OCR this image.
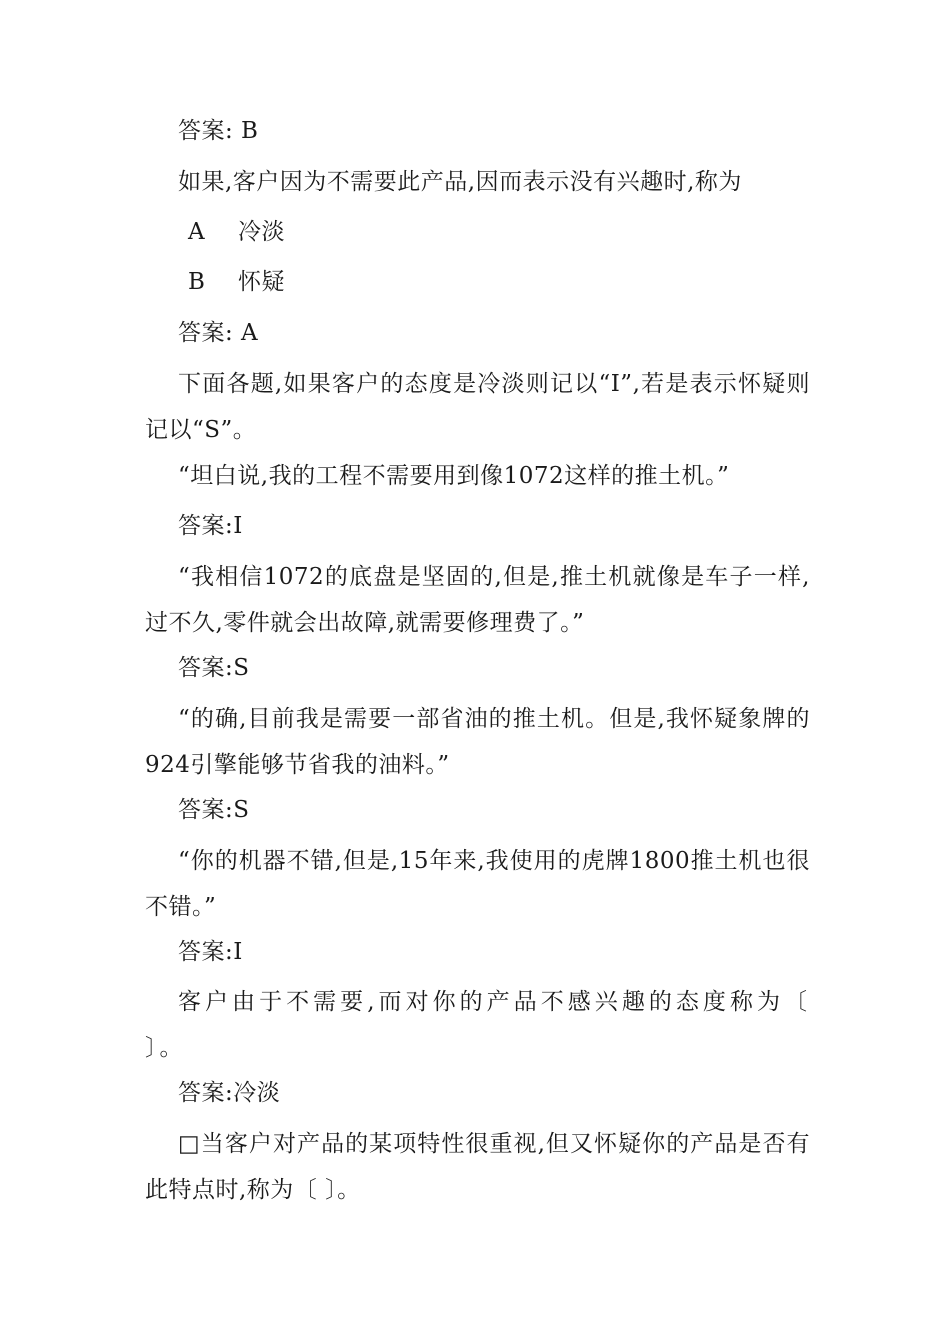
答案: B
如果,客户因为不需要此产品,因而表示没有兴趣时,称为
A 冷淡
B 怀疑
答案: A
下面各题,如果客户的态度是冷淡则记以“I”,若是表示怀疑则记以“S”。
“坦白说,我的工程不需要用到像1072这样的推土机。”
答案:I
“我相信1072的底盘是坚固的,但是,推土机就像是车子一样,过不久,零件就会出故障,就需要修理费了。”
答案:S
“的确,目前我是需要一部省油的推土机。但是,我怀疑象牌的924引擎能够节省我的油料。”
答案:S
“你的机器不错,但是,15年来,我使用的虎牌1800推土机也很不错。”
答案:I
客户由于不需要,而对你的产品不感兴趣的态度称为〔 〕。
答案:冷淡
□当客户对产品的某项特性很重视,但又怀疑你的产品是否有此特点时,称为〔 〕。
